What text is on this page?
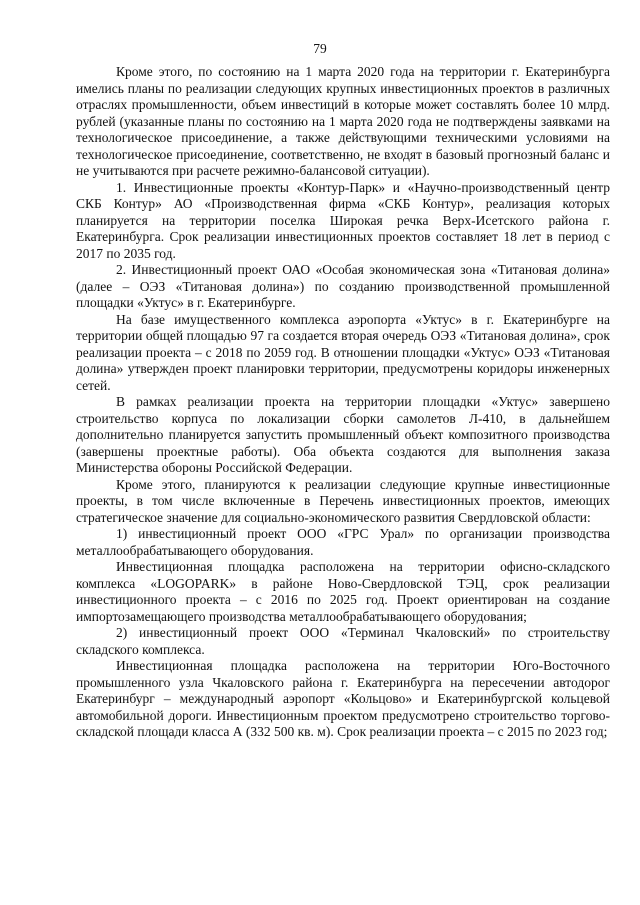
79

Кроме этого, по состоянию на 1 марта 2020 года на территории г. Екатеринбурга имелись планы по реализации следующих крупных инвестиционных проектов в различных отраслях промышленности, объем инвестиций в которые может составлять более 10 млрд. рублей (указанные планы по состоянию на 1 марта 2020 года не подтверждены заявками на технологическое присоединение, а также действующими техническими условиями на технологическое присоединение, соответственно, не входят в базовый прогнозный баланс и не учитываются при расчете режимно-балансовой ситуации).

1. Инвестиционные проекты «Контур-Парк» и «Научно-производственный центр СКБ Контур» АО «Производственная фирма «СКБ Контур», реализация которых планируется на территории поселка Широкая речка Верх-Исетского района г. Екатеринбурга. Срок реализации инвестиционных проектов составляет 18 лет в период с 2017 по 2035 год.

2. Инвестиционный проект ОАО «Особая экономическая зона «Титановая долина» (далее – ОЭЗ «Титановая долина») по созданию производственной промышленной площадки «Уктус» в г. Екатеринбурге.

На базе имущественного комплекса аэропорта «Уктус» в г. Екатеринбурге на территории общей площадью 97 га создается вторая очередь ОЭЗ «Титановая долина», срок реализации проекта – с 2018 по 2059 год. В отношении площадки «Уктус» ОЭЗ «Титановая долина» утвержден проект планировки территории, предусмотрены коридоры инженерных сетей.

В рамках реализации проекта на территории площадки «Уктус» завершено строительство корпуса по локализации сборки самолетов Л-410, в дальнейшем дополнительно планируется запустить промышленный объект композитного производства (завершены проектные работы). Оба объекта создаются для выполнения заказа Министерства обороны Российской Федерации.

Кроме этого, планируются к реализации следующие крупные инвестиционные проекты, в том числе включенные в Перечень инвестиционных проектов, имеющих стратегическое значение для социально-экономического развития Свердловской области:

1) инвестиционный проект ООО «ГРС Урал» по организации производства металлообрабатывающего оборудования.

Инвестиционная площадка расположена на территории офисно-складского комплекса «LOGOPARK» в районе Ново-Свердловской ТЭЦ, срок реализации инвестиционного проекта – с 2016 по 2025 год. Проект ориентирован на создание импортозамещающего производства металлообрабатывающего оборудования;

2) инвестиционный проект ООО «Терминал Чкаловский» по строительству складского комплекса.

Инвестиционная площадка расположена на территории Юго-Восточного промышленного узла Чкаловского района г. Екатеринбурга на пересечении автодорог Екатеринбург – международный аэропорт «Кольцово» и Екатеринбургской кольцевой автомобильной дороги. Инвестиционным проектом предусмотрено строительство торгово-складской площади класса А (332 500 кв. м). Срок реализации проекта – с 2015 по 2023 год;
